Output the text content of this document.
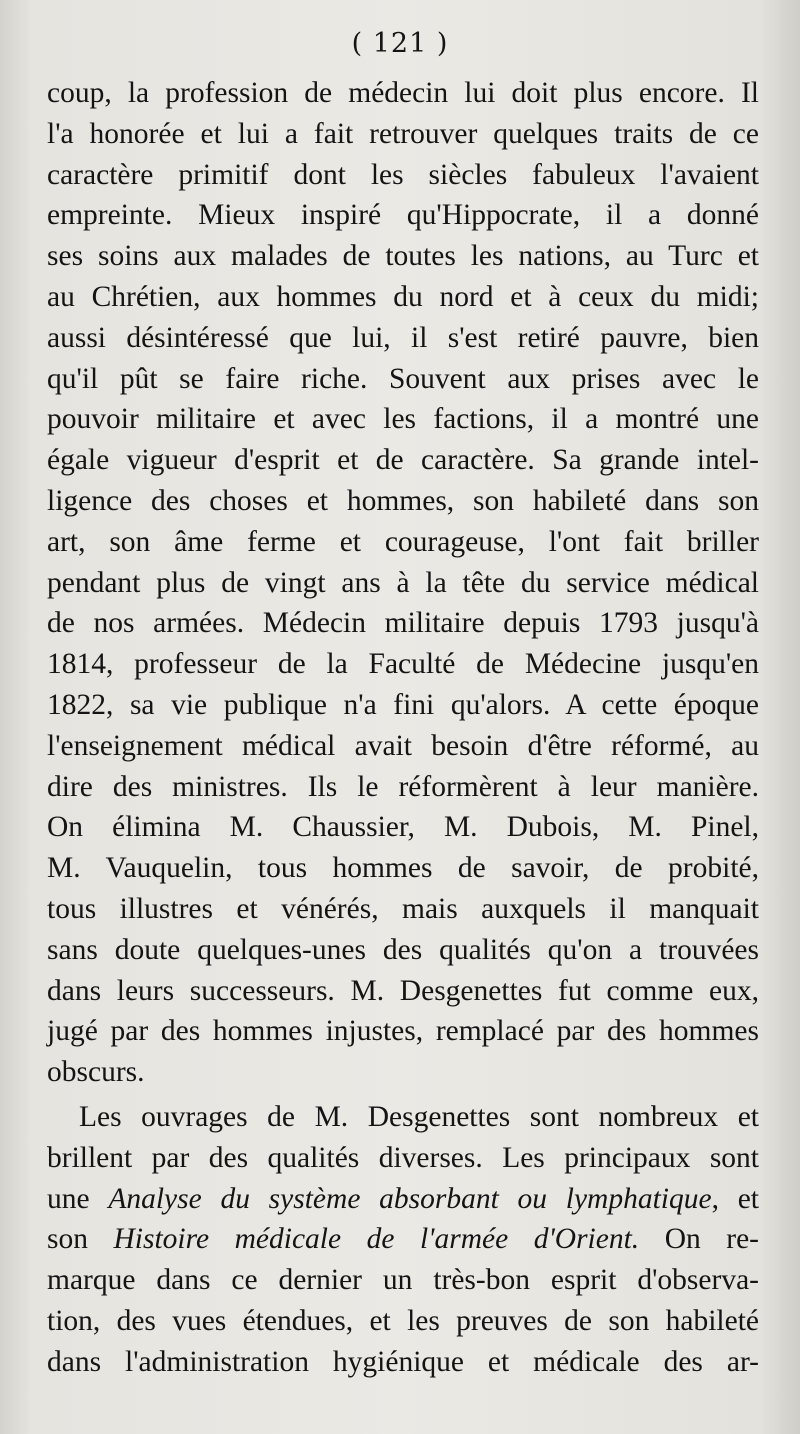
( 121 )
coup, la profession de médecin lui doit plus encore. Il
l'a honorée et lui a fait retrouver quelques traits de ce
caractère primitif dont les siècles fabuleux l'avaient
empreinte. Mieux inspiré qu'Hippocrate, il a donné
ses soins aux malades de toutes les nations, au Turc et
au Chrétien, aux hommes du nord et à ceux du midi;
aussi désintéressé que lui, il s'est retiré pauvre, bien
qu'il pût se faire riche. Souvent aux prises avec le
pouvoir militaire et avec les factions, il a montré une
égale vigueur d'esprit et de caractère. Sa grande intel-
ligence des choses et hommes, son habileté dans son
art, son âme ferme et courageuse, l'ont fait briller
pendant plus de vingt ans à la tête du service médical
de nos armées. Médecin militaire depuis 1793 jusqu'à
1814, professeur de la Faculté de Médecine jusqu'en
1822, sa vie publique n'a fini qu'alors. A cette époque
l'enseignement médical avait besoin d'être réformé, au
dire des ministres. Ils le réformèrent à leur manière.
On élimina M. Chaussier, M. Dubois, M. Pinel,
M. Vauquelin, tous hommes de savoir, de probité,
tous illustres et vénérés, mais auxquels il manquait
sans doute quelques-unes des qualités qu'on a trouvées
dans leurs successeurs. M. Desgenettes fut comme eux,
jugé par des hommes injustes, remplacé par des hommes
obscurs.
Les ouvrages de M. Desgenettes sont nombreux et
brillent par des qualités diverses. Les principaux sont
une Analyse du système absorbant ou lymphatique, et
son Histoire médicale de l'armée d'Orient. On re-
marque dans ce dernier un très-bon esprit d'observa-
tion, des vues étendues, et les preuves de son habileté
dans l'administration hygiénique et médicale des ar-
